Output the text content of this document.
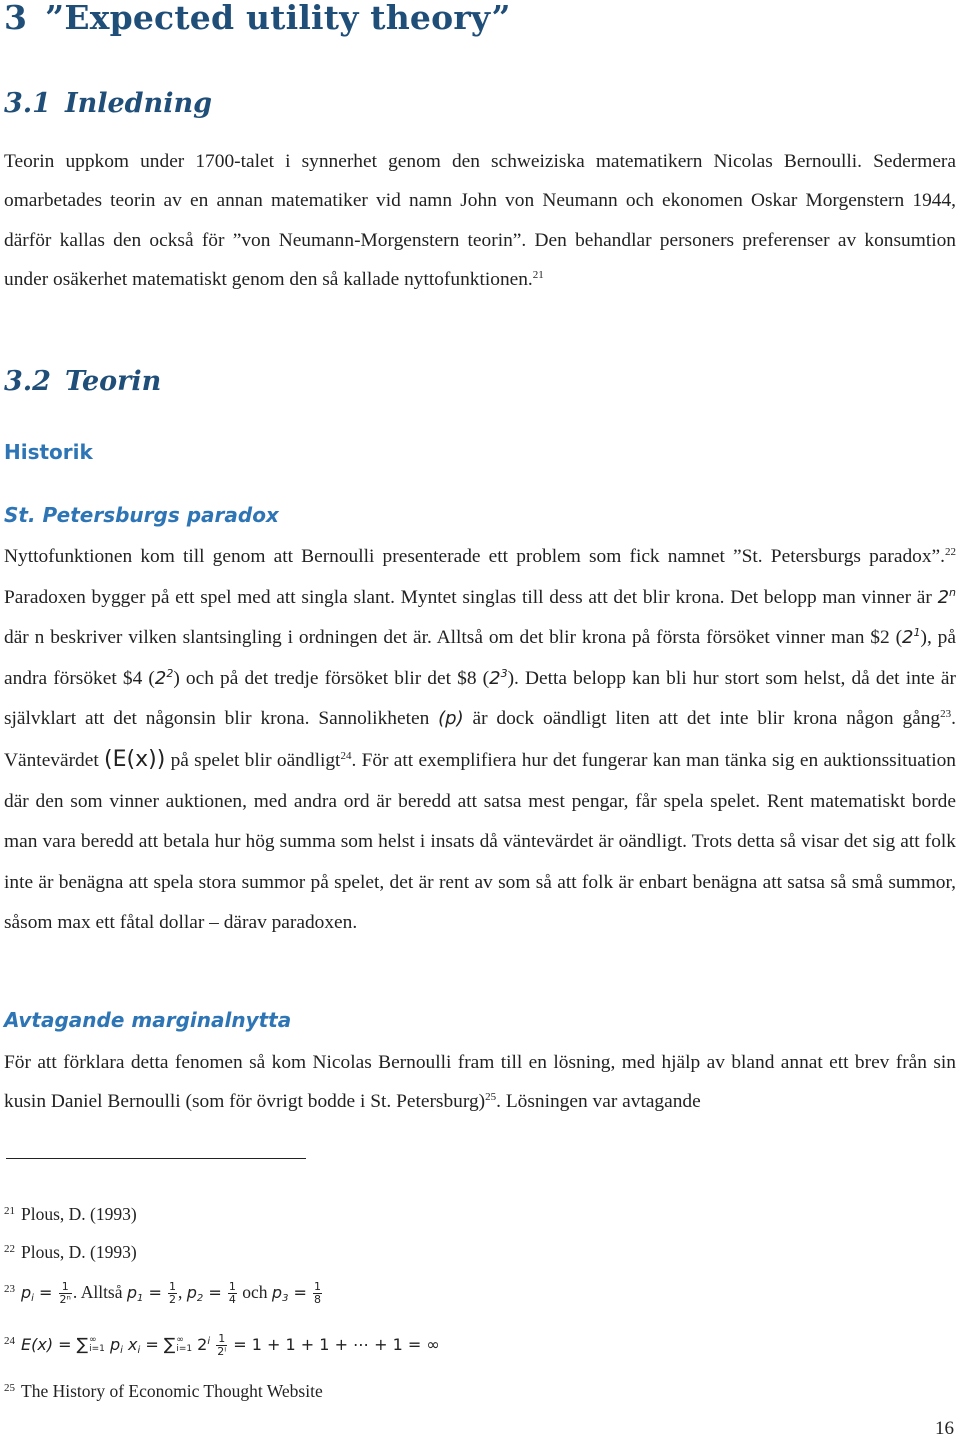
3 ”Expected utility theory”
3.1 Inledning

Teorin uppkom under 1700-talet i synnerhet genom den schweiziska matematikern Nicolas Bernoulli. Sedermera omarbetades teorin av en annan matematiker vid namn John von Neumann och ekonomen Oskar Morgenstern 1944, därför kallas den också för ”von Neumann-Morgenstern teorin”. Den behandlar personers preferenser av konsumtion under osäkerhet matematiskt genom den så kallade nyttofunktionen.$^{21}$

3.2 Teorin
Historik
St. Petersburgs paradox

Nyttofunktionen kom till genom att Bernoulli presenterade ett problem som fick namnet ”St. Petersburgs paradox”.$^{22}$ Paradoxen bygger på ett spel med att singla slant. Myntet singlas till dess att det blir krona. Det belopp man vinner är 2$^n$ där n beskriver vilken slantsingling i ordningen det är. Alltså om det blir krona på första försöket vinner man $2 $(2^1)$, på andra försöket $4 $(2^2)$ och på det tredje försöket blir det $8 $(2^3)$. Detta belopp kan bli hur stort som helst, då det inte är självklart att det någonsin blir krona. Sannolikheten (p) är dock oändligt liten att det inte blir krona någon gång$^{23}$. Väntevärdet (E(x)) på spelet blir oändligt$^{24}$. För att exemplifiera hur det fungerar kan man tänka sig en auktionssituation där den som vinner auktionen, med andra ord är beredd att satsa mest pengar, får spela spelet. Rent matematiskt borde man vara beredd att betala hur hög summa som helst i insats då väntevärdet är oändligt. Trots detta så visar det sig att folk inte är benägna att spela stora summor på spelet, det är rent av som så att folk är enbart benägna att satsa så små summor, såsom max ett fåtal dollar – därav paradoxen.

Avtagande marginalnytta

För att förklara detta fenomen så kom Nicolas Bernoulli fram till en lösning, med hjälp av bland annat ett brev från sin kusin Daniel Bernoulli (som för övrigt bodde i St. Petersburg)$^{25}$. Lösningen var avtagande

$^{21}$ Plous, D. (1993)

$^{22}$ Plous, D. (1993)

$^{23}$ $p_i = \frac{1}{\text{2ⁿ}}$ . Alltså $p_1 = \frac{1}{2}$ , $p_2 = \frac{1}{4}$ och $p_3 = \frac{1}{8}$

$^{24}$ E(x) = ∑ ∞
i=1 $p_i$ $x_i$ = ∑ ∞
i=1 $2^i \frac{1}{\text{2ⁱ}} = 1 + 1 + 1$ + ⋯ + 1 = ∞

$^{25}$ The History of Economic Thought Website

16
